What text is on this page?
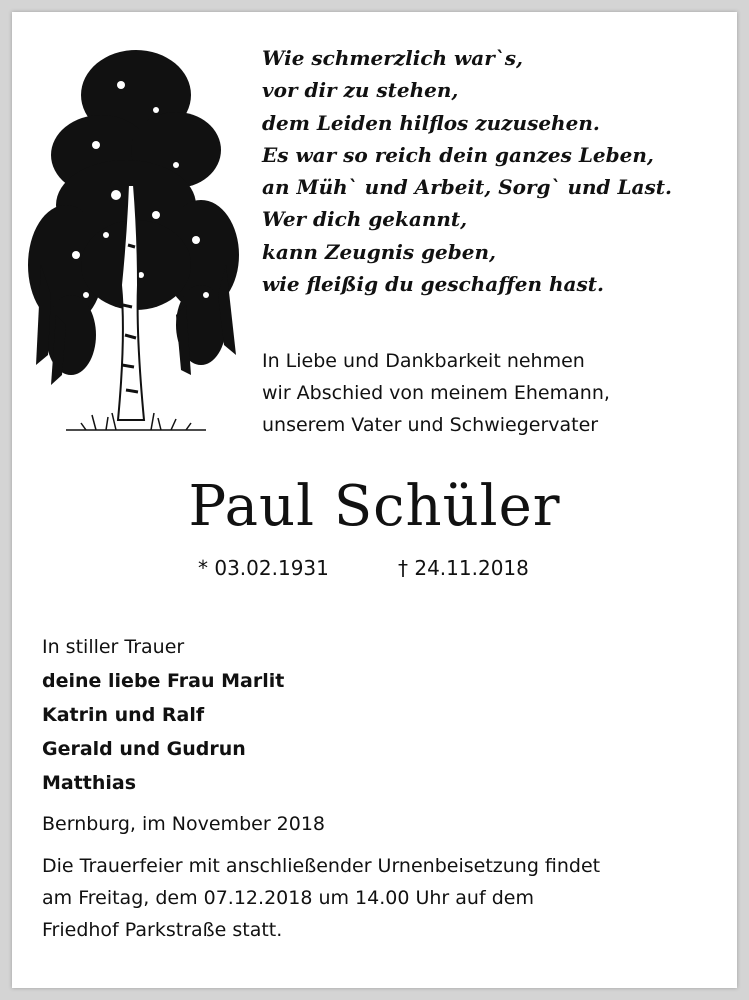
Wie schmerzlich war`s,
vor dir zu stehen,
dem Leiden hilflos zuzusehen.
Es war so reich dein ganzes Leben,
an Müh` und Arbeit, Sorg` und Last.
Wer dich gekannt,
kann Zeugnis geben,
wie fleißig du geschaffen hast.
In Liebe und Dankbarkeit nehmen
wir Abschied von meinem Ehemann,
unserem Vater und Schwiegervater
Paul Schüler
* 03.02.1931	† 24.11.2018
In stiller Trauer
deine liebe Frau Marlit
Katrin und Ralf
Gerald und Gudrun
Matthias
Bernburg, im November 2018
Die Trauerfeier mit anschließender Urnenbeisetzung findet
am Freitag, dem 07.12.2018 um 14.00 Uhr auf dem
Friedhof Parkstraße statt.
